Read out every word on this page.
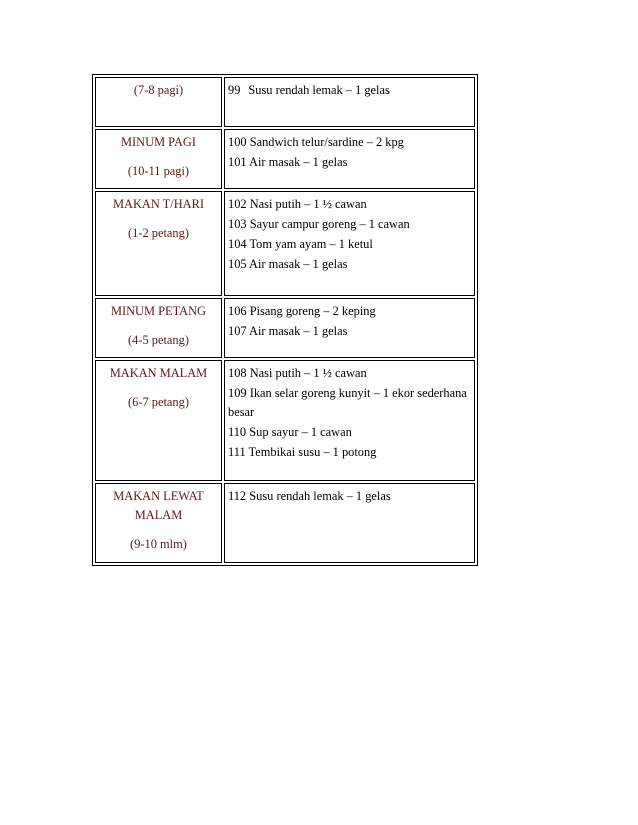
(7-8 pagi)	99 Susu rendah lemak – 1 gelas

MINUM PAGI
(10-11 pagi)	100 Sandwich telur/sardine – 2 kpg
101 Air masak – 1 gelas

MAKAN T/HARI
(1-2 petang)	102 Nasi putih – 1 ½ cawan
103 Sayur campur goreng – 1 cawan
104 Tom yam ayam – 1 ketul
105 Air masak – 1 gelas

MINUM PETANG
(4-5 petang)	106 Pisang goreng – 2 keping
107 Air masak – 1 gelas

MAKAN MALAM
(6-7 petang)	108 Nasi putih – 1 ½ cawan
109 Ikan selar goreng kunyit – 1 ekor sederhana besar
110 Sup sayur – 1 cawan
111 Tembikai susu – 1 potong

MAKAN LEWAT MALAM
(9-10 mlm)	112 Susu rendah lemak – 1 gelas
